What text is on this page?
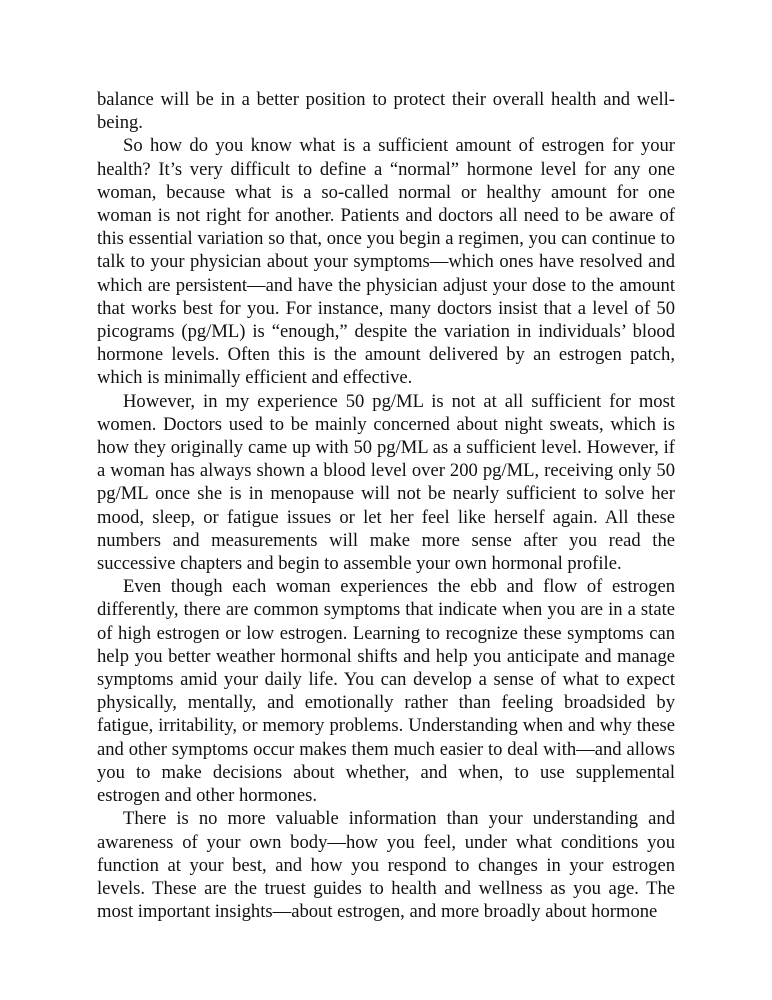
balance will be in a better position to protect their overall health and well-being.

So how do you know what is a sufficient amount of estrogen for your health? It’s very difficult to define a “normal” hormone level for any one woman, because what is a so-called normal or healthy amount for one woman is not right for another. Patients and doctors all need to be aware of this essential variation so that, once you begin a regimen, you can continue to talk to your physician about your symptoms—which ones have resolved and which are persistent—and have the physician adjust your dose to the amount that works best for you. For instance, many doctors insist that a level of 50 picograms (pg/ML) is “enough,” despite the variation in individuals’ blood hormone levels. Often this is the amount delivered by an estrogen patch, which is minimally efficient and effective.

However, in my experience 50 pg/ML is not at all sufficient for most women. Doctors used to be mainly concerned about night sweats, which is how they originally came up with 50 pg/ML as a sufficient level. However, if a woman has always shown a blood level over 200 pg/ML, receiving only 50 pg/ML once she is in menopause will not be nearly sufficient to solve her mood, sleep, or fatigue issues or let her feel like herself again. All these numbers and measurements will make more sense after you read the successive chapters and begin to assemble your own hormonal profile.

Even though each woman experiences the ebb and flow of estrogen differently, there are common symptoms that indicate when you are in a state of high estrogen or low estrogen. Learning to recognize these symptoms can help you better weather hormonal shifts and help you anticipate and manage symptoms amid your daily life. You can develop a sense of what to expect physically, mentally, and emotionally rather than feeling broadsided by fatigue, irritability, or memory problems. Understanding when and why these and other symptoms occur makes them much easier to deal with—and allows you to make decisions about whether, and when, to use supplemental estrogen and other hormones.

There is no more valuable information than your understanding and awareness of your own body—how you feel, under what conditions you function at your best, and how you respond to changes in your estrogen levels. These are the truest guides to health and wellness as you age. The most important insights—about estrogen, and more broadly about hormone
